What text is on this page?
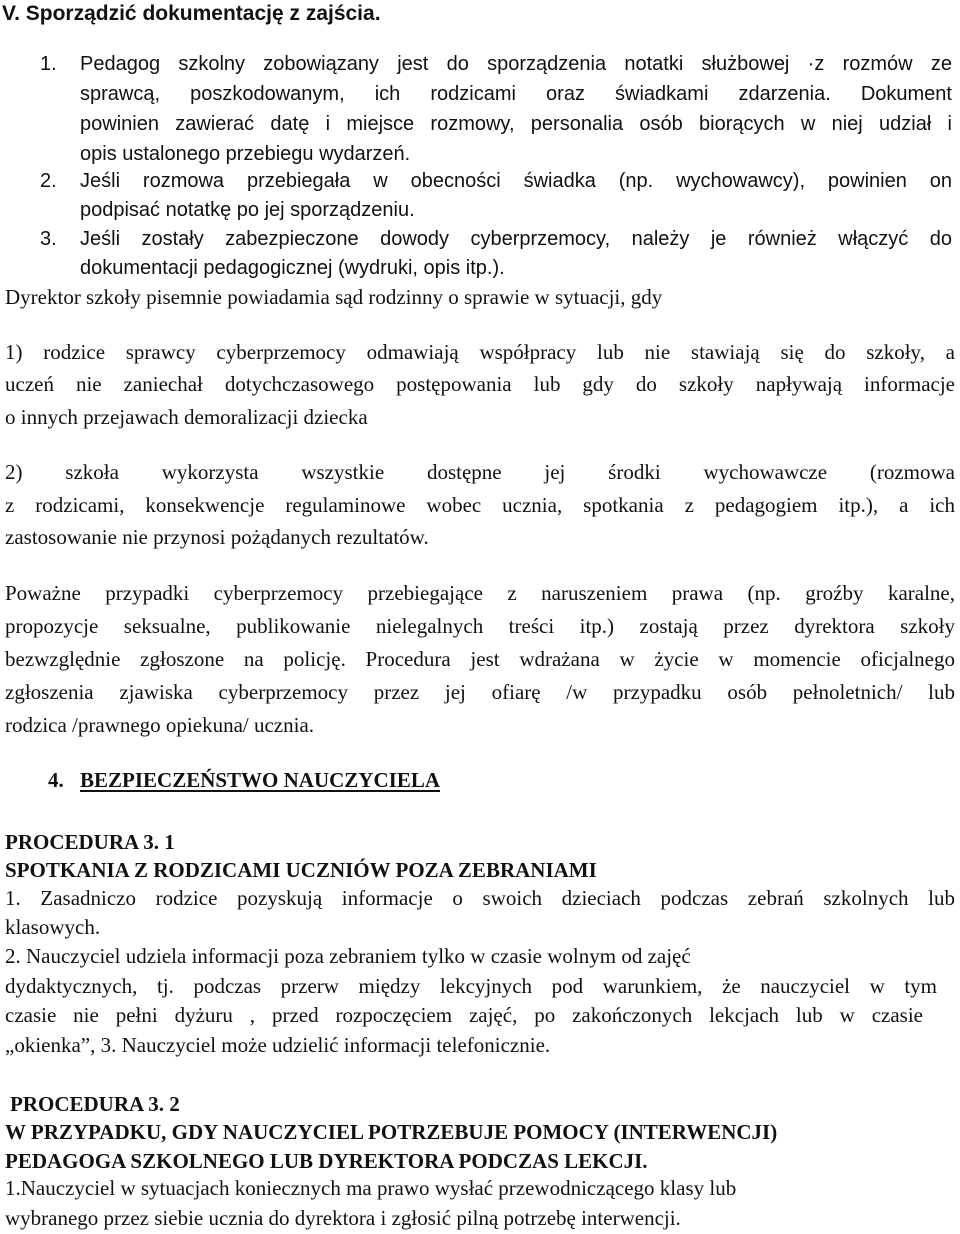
V. Sporządzić dokumentację z zajścia.
1. Pedagog szkolny zobowiązany jest do sporządzenia notatki służbowej ·z rozmów ze
sprawcą, poszkodowanym, ich rodzicami oraz świadkami zdarzenia. Dokument
powinien zawierać datę i miejsce rozmowy, personalia osób biorących w niej udział i
opis ustalonego przebiegu wydarzeń.
2. Jeśli rozmowa przebiegała w obecności świadka (np. wychowawcy), powinien on
podpisać notatkę po jej sporządzeniu.
3. Jeśli zostały zabezpieczone dowody cyberprzemocy, należy je również włączyć do
dokumentacji pedagogicznej (wydruki, opis itp.).
Dyrektor szkoły pisemnie powiadamia sąd rodzinny o sprawie w sytuacji, gdy
1) rodzice sprawcy cyberprzemocy odmawiają współpracy lub nie stawiają się do szkoły, a
uczeń nie zaniechał dotychczasowego postępowania lub gdy do szkoły napływają informacje
o innych przejawach demoralizacji dziecka
2) szkoła wykorzysta wszystkie dostępne jej środki wychowawcze (rozmowa
z rodzicami, konsekwencje regulaminowe wobec ucznia, spotkania z pedagogiem itp.), a ich
zastosowanie nie przynosi pożądanych rezultatów.
Poważne przypadki cyberprzemocy przebiegające z naruszeniem prawa (np. groźby karalne,
propozycje seksualne, publikowanie nielegalnych treści itp.) zostają przez dyrektora szkoły
bezwzględnie zgłoszone na policję. Procedura jest wdrażana w życie w momencie oficjalnego
zgłoszenia zjawiska cyberprzemocy przez jej ofiarę /w przypadku osób pełnoletnich/ lub
rodzica /prawnego opiekuna/ ucznia.
4. BEZPIECZEŃSTWO NAUCZYCIELA
PROCEDURA 3. 1
SPOTKANIA Z RODZICAMI UCZNIÓW POZA ZEBRANIAMI
1. Zasadniczo rodzice pozyskują informacje o swoich dzieciach podczas zebrań szkolnych lub
klasowych.
2. Nauczyciel udziela informacji poza zebraniem tylko w czasie wolnym od zajęć
dydaktycznych, tj. podczas przerw między lekcyjnych pod warunkiem, że nauczyciel w tym
czasie nie pełni dyżuru , przed rozpoczęciem zajęć, po zakończonych lekcjach lub w czasie
„okienka”, 3. Nauczyciel może udzielić informacji telefonicznie.
PROCEDURA 3. 2
W PRZYPADKU, GDY NAUCZYCIEL POTRZEBUJE POMOCY (INTERWENCJI)
PEDAGOGA SZKOLNEGO LUB DYREKTORA PODCZAS LEKCJI.
1.Nauczyciel w sytuacjach koniecznych ma prawo wysłać przewodniczącego klasy lub
wybranego przez siebie ucznia do dyrektora i zgłosić pilną potrzebę interwencji.
